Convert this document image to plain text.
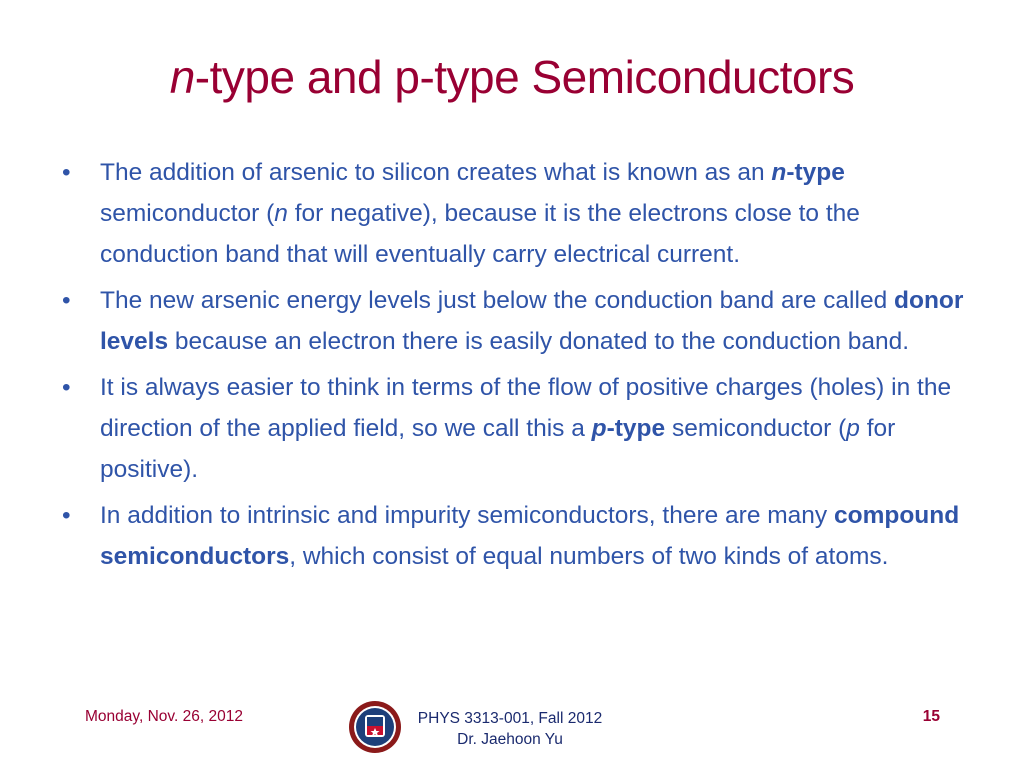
n-type and p-type Semiconductors
• The addition of arsenic to silicon creates what is known as an n-type semiconductor (n for negative), because it is the electrons close to the conduction band that will eventually carry electrical current.
• The new arsenic energy levels just below the conduction band are called donor levels because an electron there is easily donated to the conduction band.
• It is always easier to think in terms of the flow of positive charges (holes) in the direction of the applied field, so we call this a p-type semiconductor (p for positive).
• In addition to intrinsic and impurity semiconductors, there are many compound semiconductors, which consist of equal numbers of two kinds of atoms.
Monday, Nov. 26, 2012	PHYS 3313-001, Fall 2012
Dr. Jaehoon Yu
15
